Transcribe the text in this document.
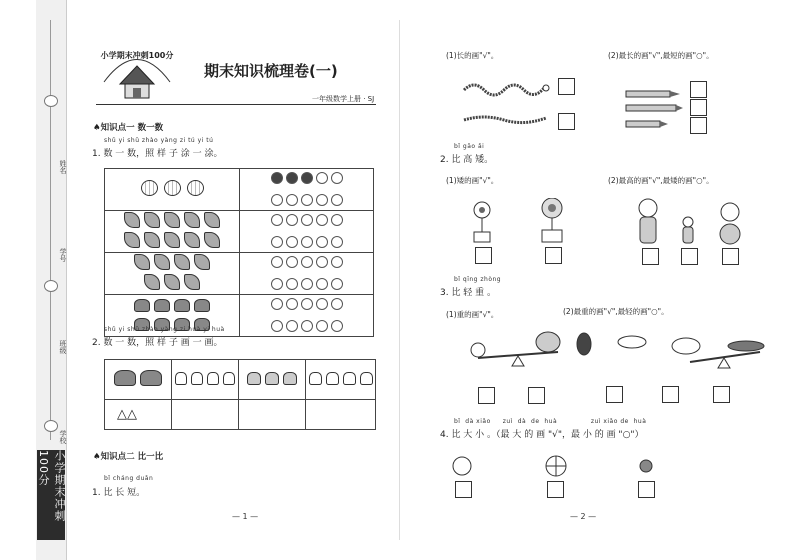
姓名
学号
班级
学校
小学期末冲刺100分
小学期末冲刺100分
期末知识梳理卷(一)
一年级数学上册 · SJ
♠知识点一 数一数
shǔ yi shǔ zhào yàng zi tú yi tú
1. 数 一 数，照 样 子 涂 一 涂。

shǔ yi shǔ zhào yàng zi huà yi huà
2. 数 一 数，照 样 子 画 一 画。

△△			
♠知识点二 比一比
bǐ cháng duǎn
1. 比 长 短。
— 1 —
(1)长的画"√"。	(2)最长的画"√",最短的画"○"。
bǐ gāo ǎi
2. 比 高 矮。
(1)矮的画"√"。	(2)最高的画"√",最矮的画"○"。
bǐ qīng zhòng
3. 比 轻 重 。
(1)重的画"√"。	(2)最重的画"√",最轻的画"○"。
bǐ  dà xiǎo     zuì  dà  de  huà              zuì xiǎo de  huà
4. 比 大 小 。（最 大 的 画 "√"，最 小 的 画 "○"）
— 2 —
